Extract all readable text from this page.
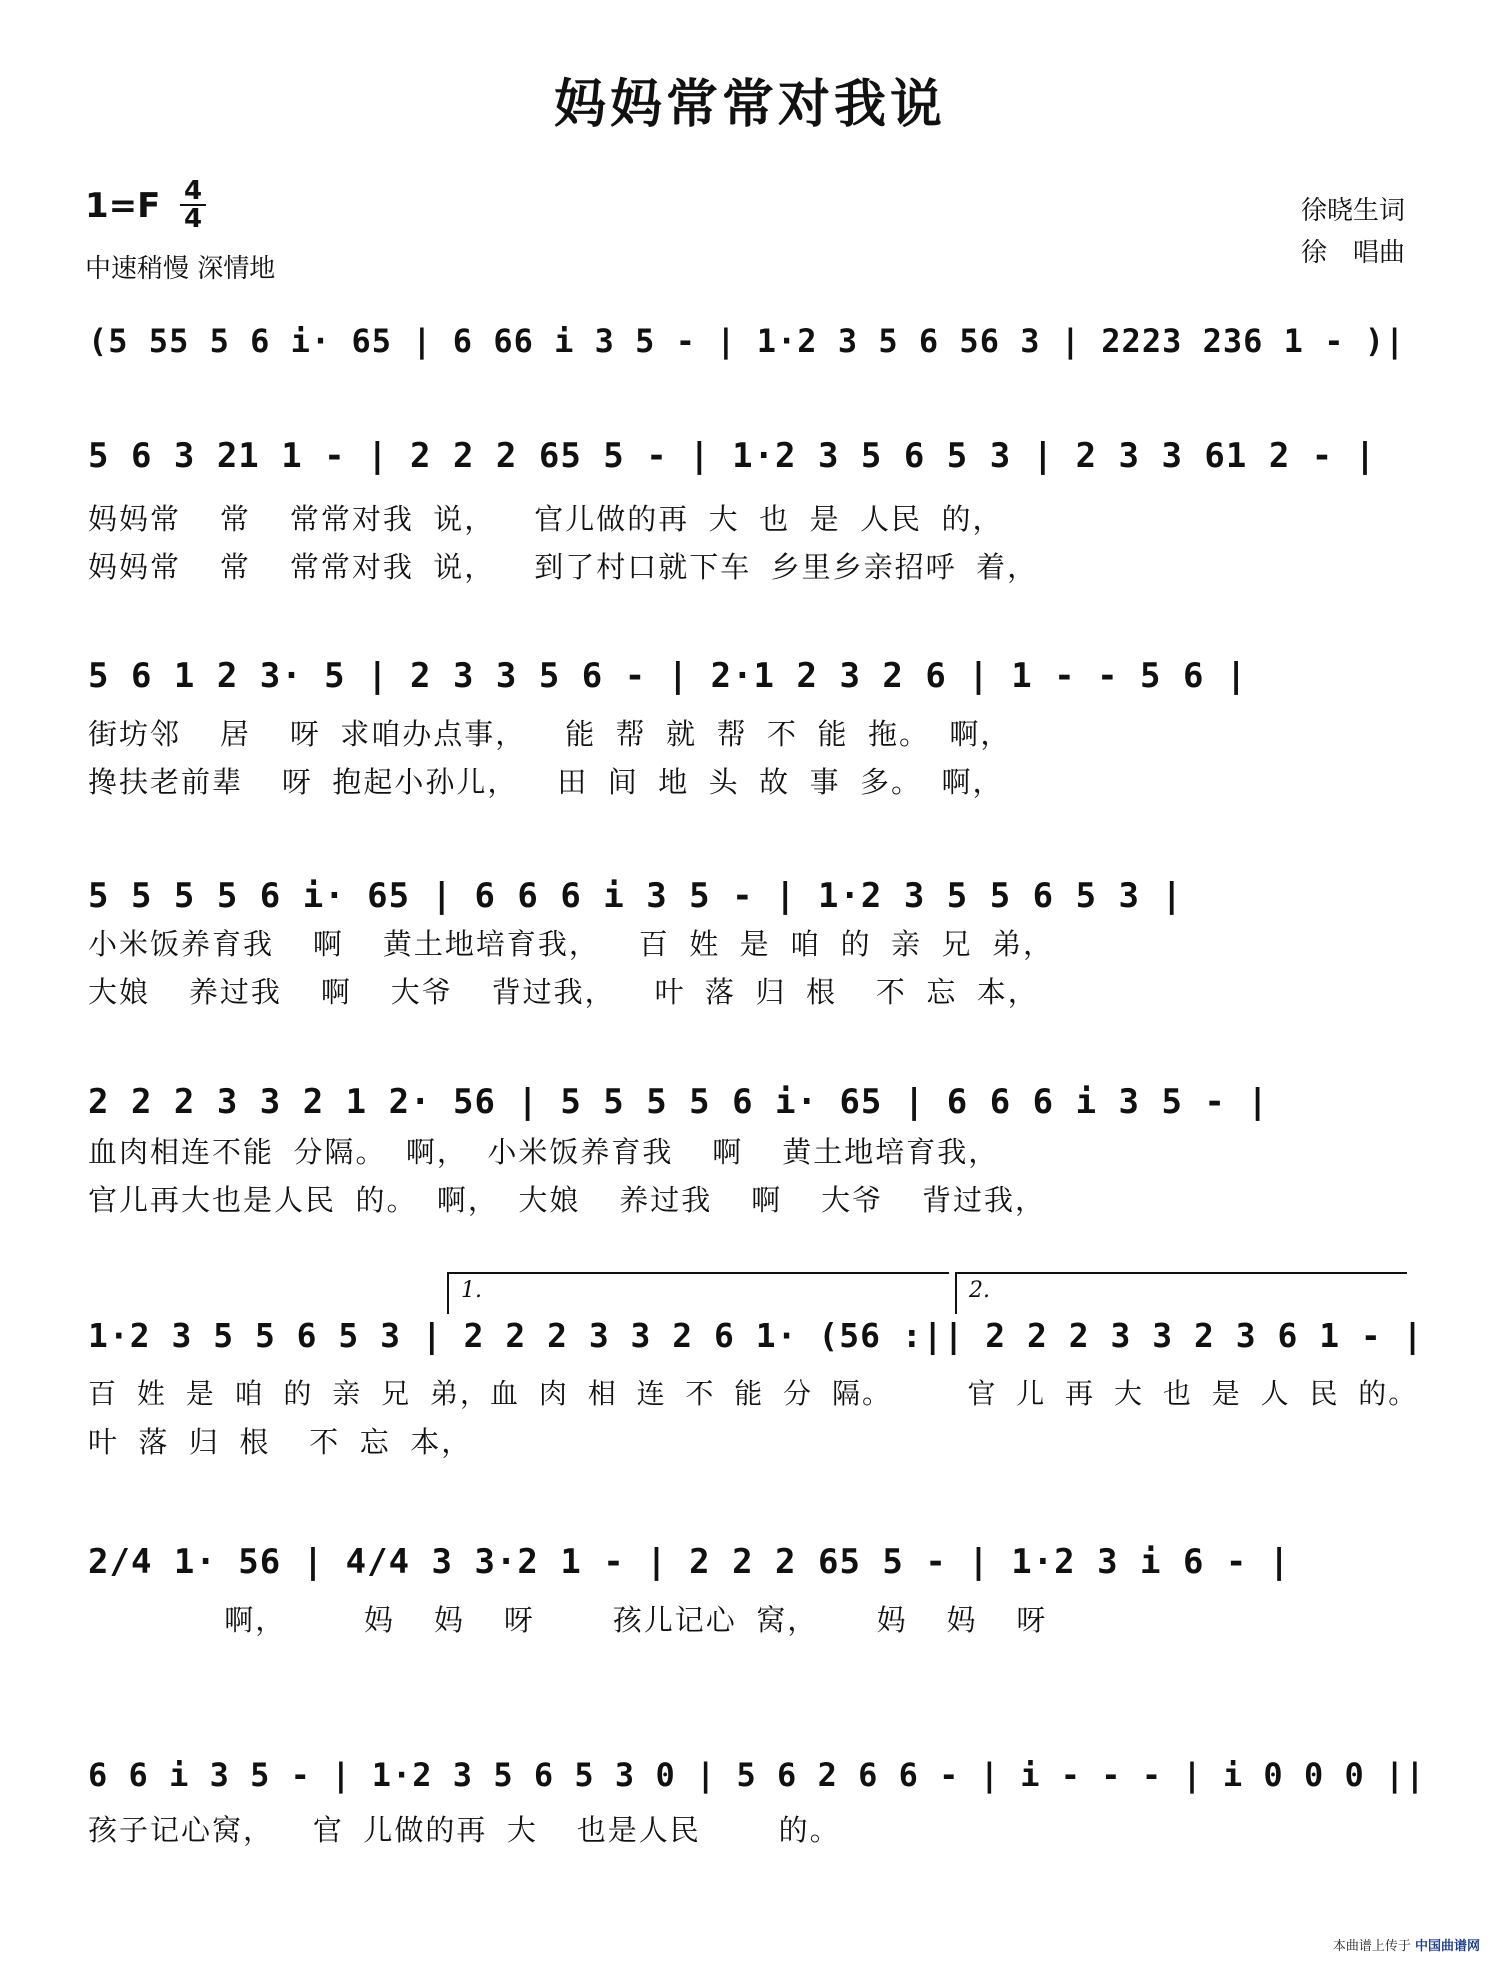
妈妈常常对我说
1=F 4
4
中速稍慢 深情地
徐晓生词
徐　唱曲
(5 55 5 6 i· 65 | 6 66 i 3 5 - | 1·2 3 5 6 56 3 | 2223 236 1 - )|
5 6 3 21 1 - | 2 2 2 65 5 - | 1·2 3 5 6 5 3 | 2 3 3 61 2 - |
妈妈常  常  常常对我 说，  官儿做的再 大 也 是 人民 的，
妈妈常  常  常常对我 说，  到了村口就下车 乡里乡亲招呼 着，
5 6 1 2 3· 5 | 2 3 3 5 6 - | 2·1 2 3 2 6 | 1 - - 5 6 |
街坊邻  居  呀 求咱办点事，  能 帮 就 帮 不 能 拖。 啊，
搀扶老前辈  呀 抱起小孙儿，  田 间 地 头 故 事 多。 啊，
5 5 5 5 6 i· 65 | 6 6 6 i 3 5 - | 1·2 3 5 5 6 5 3 |
小米饭养育我  啊  黄土地培育我，  百 姓 是 咱 的 亲 兄 弟，
大娘  养过我  啊  大爷  背过我，  叶 落 归 根  不 忘 本，
2 2 2 3 3 2 1 2· 56 | 5 5 5 5 6 i· 65 | 6 6 6 i 3 5 - |
血肉相连不能 分隔。 啊， 小米饭养育我  啊  黄土地培育我，
官儿再大也是人民 的。 啊， 大娘  养过我  啊  大爷  背过我，
1.	2.
1·2 3 5 5 6 5 3 | 2 2 2 3 3 2 6 1· (56 :|| 2 2 2 3 3 2 3 6 1 - |
百 姓 是 咱 的 亲 兄 弟，血 肉 相 连 不 能 分 隔。    官 儿 再 大 也 是 人 民 的。
叶 落 归 根  不 忘 本，
2/4 1· 56 | 4/4 3 3·2 1 - | 2 2 2 65 5 - | 1·2 3 i 6 - |
啊，    妈  妈  呀    孩儿记心 窝，   妈  妈  呀
6 6 i 3 5 - | 1·2 3 5 6 5 3 0 | 5 6 2 6 6 - | i - - - | i 0 0 0 ||
孩子记心窝，  官 儿做的再 大  也是人民    的。
本曲谱上传于 中国曲谱网
